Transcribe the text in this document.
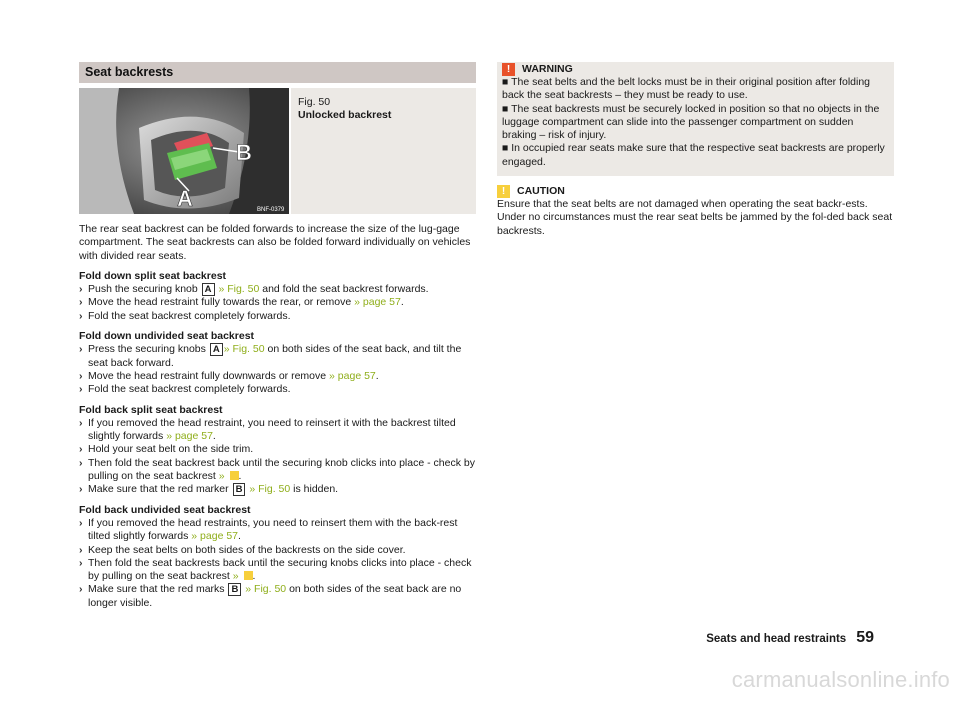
Seat backrests
B
A	BNF-0379
Fig. 50
Unlocked backrest

The rear seat backrest can be folded forwards to increase the size of the lug-gage compartment. The seat backrests can also be folded forward individually on vehicles with divided rear seats.

Fold down split seat backrest
› Push the securing knob A » Fig. 50 and fold the seat backrest forwards.
› Move the head restraint fully towards the rear, or remove » page 57.
› Fold the seat backrest completely forwards.
Fold down undivided seat backrest
› Press the securing knobs A » Fig. 50 on both sides of the seat back, and tilt the seat back forward.
› Move the head restraint fully downwards or remove » page 57.
› Fold the seat backrest completely forwards.
Fold back split seat backrest
› If you removed the head restraint, you need to reinsert it with the backrest tilted slightly forwards » page 57.
› Hold your seat belt on the side trim.
› Then fold the seat backrest back until the securing knob clicks into place - check by pulling on the seat backrest » .
› Make sure that the red marker B » Fig. 50 is hidden.
Fold back undivided seat backrest
› If you removed the head restraints, you need to reinsert them with the back-rest tilted slightly forwards » page 57.
› Keep the seat belts on both sides of the backrests on the side cover.
› Then fold the seat backrests back until the securing knobs clicks into place - check by pulling on the seat backrest » .
› Make sure that the red marks B » Fig. 50 on both sides of the seat back are no longer visible.
!	WARNING
■ The seat belts and the belt locks must be in their original position after folding back the seat backrests – they must be ready to use.
■ The seat backrests must be securely locked in position so that no objects in the luggage compartment can slide into the passenger compartment on sudden braking – risk of injury.
■ In occupied rear seats make sure that the respective seat backrests are properly engaged.
!	CAUTION

Ensure that the seat belts are not damaged when operating the seat backr-ests. Under no circumstances must the rear seat belts be jammed by the fol-ded back seat backrests.

Seats and head restraints 59
carmanualsonline.info
